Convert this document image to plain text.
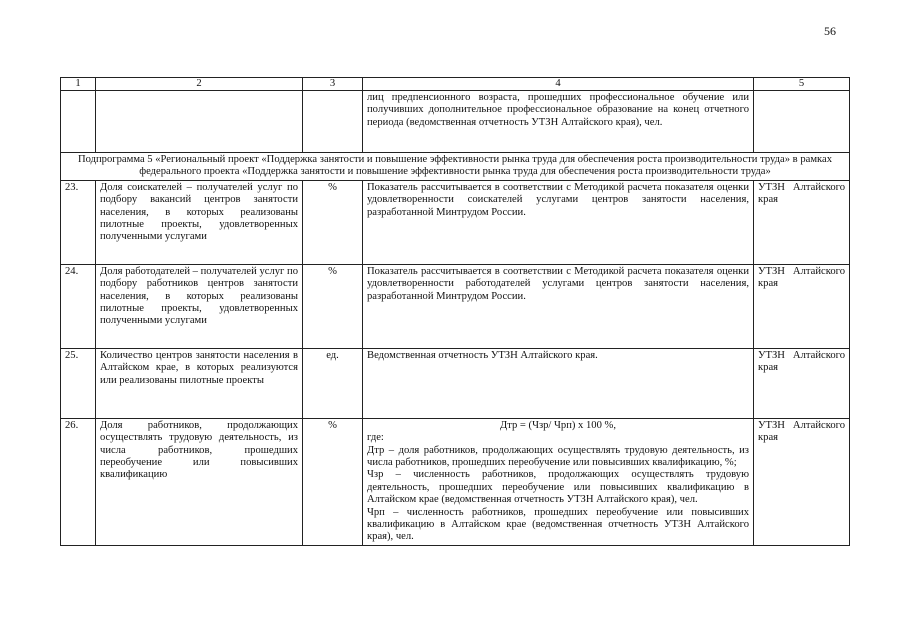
56
1	2	3	4	5
			лиц предпенсионного возраста, прошедших профессиональное обучение или получивших дополнительное профессиональное образование на конец отчетного периода (ведомственная отчетность УТЗН Алтайского края), чел.	
Подпрограмма 5 «Региональный проект «Поддержка занятости и повышение эффективности рынка труда для обеспечения роста производительности труда» в рамках федерального проекта «Поддержка занятости и повышение эффективности рынка труда для обеспечения роста производительности труда»				
23.	Доля соискателей – получателей услуг по подбору вакансий центров занятости населения, в которых реализованы пилотные проекты, удовлетворенных полученными услугами	%	Показатель рассчитывается в соответствии с Методикой расчета показателя оценки удовлетворенности соискателей услугами центров занятости населения, разработанной Минтрудом России.	УТЗН Алтайского края
24.	Доля работодателей – получателей услуг по подбору работников центров занятости населения, в которых реализованы пилотные проекты, удовлетворенных полученными услугами	%	Показатель рассчитывается в соответствии с Методикой расчета показателя оценки удовлетворенности работодателей услугами центров занятости населения, разработанной Минтрудом России.	УТЗН Алтайского края
25.	Количество центров занятости населения в Алтайском крае, в которых реализуются или реализованы пилотные проекты	ед.	Ведомственная отчетность УТЗН Алтайского края.	УТЗН Алтайского края
26.	Доля работников, продолжающих осуществлять трудовую деятельность, из числа работников, прошедших переобучение или повысивших квалификацию	%	Дтр = (Чзр/ Чрп) х 100 %,
где:
Дтр – доля работников, продолжающих осуществлять трудовую деятельность, из числа работников, прошедших переобучение или повысивших квалификацию, %;
Чзр – численность работников, продолжающих осуществлять трудовую деятельность, прошедших переобучение или повысивших квалификацию в Алтайском крае (ведомственная отчетность УТЗН Алтайского края), чел.
Чрп – численность работников, прошедших переобучение или повысивших квалификацию в Алтайском крае (ведомственная отчетность УТЗН Алтайского края), чел.	УТЗН Алтайского края
